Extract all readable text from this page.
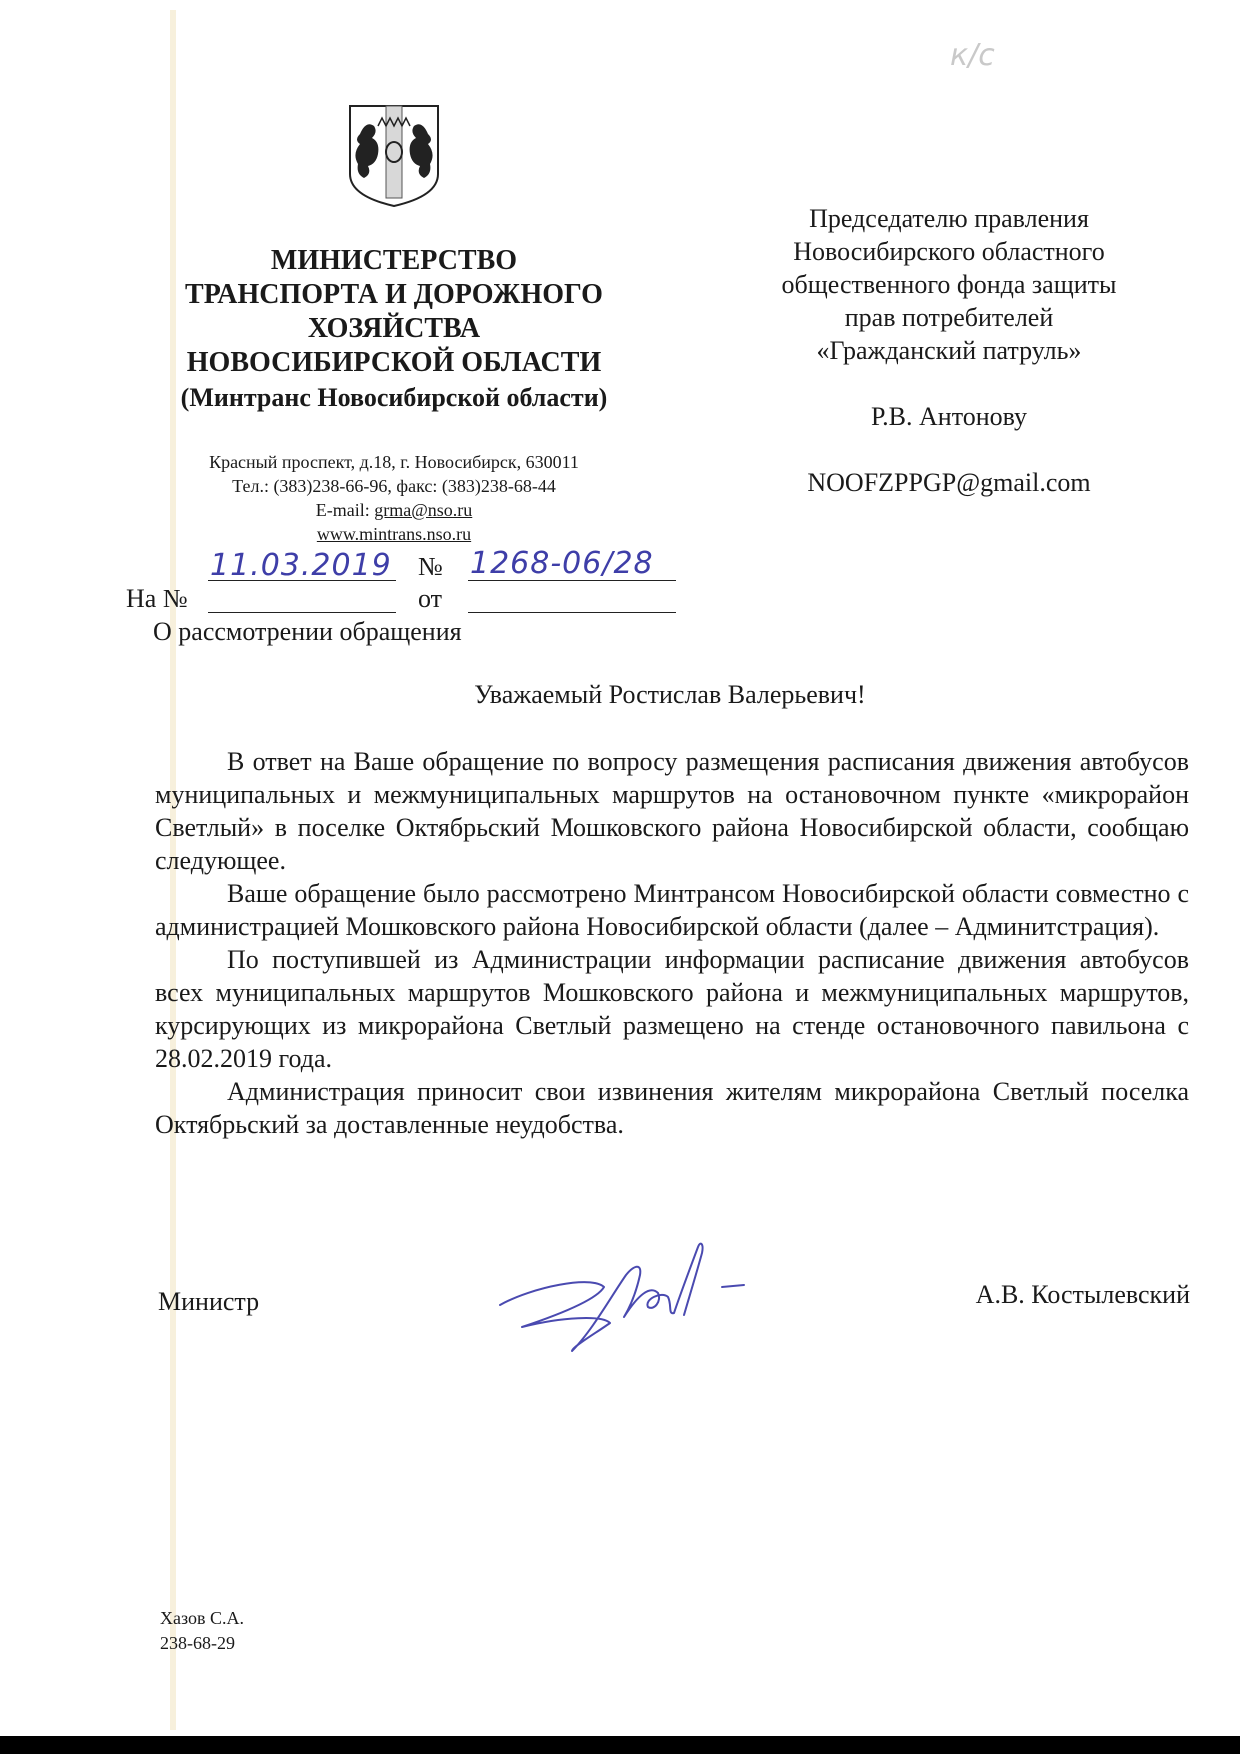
к/с
МИНИСТЕРСТВО
ТРАНСПОРТА И ДОРОЖНОГО
ХОЗЯЙСТВА
НОВОСИБИРСКОЙ ОБЛАСТИ
(Минтранс Новосибирской области)
Красный проспект, д.18, г. Новосибирск, 630011
Тел.: (383)238-66-96, факс: (383)238-68-44
E-mail: grma@nso.ru
www.mintrans.nso.ru
11.03.2019 № 1268-06/28
На №	от
О рассмотрении обращения
Председателю правления
Новосибирского областного
общественного фонда защиты
прав потребителей
«Гражданский патруль»
Р.В. Антонову
NOOFZPPGP@gmail.com
Уважаемый Ростислав Валерьевич!

В ответ на Ваше обращение по вопросу размещения расписания движения автобусов муниципальных и межмуниципальных маршрутов на остановочном пункте «микрорайон Светлый» в поселке Октябрьский Мошковского района Новосибирской области, сообщаю следующее.

Ваше обращение было рассмотрено Минтрансом Новосибирской области совместно с администрацией Мошковского района Новосибирской области (далее – Админитстрация).

По поступившей из Администрации информации расписание движения автобусов всех муниципальных маршрутов Мошковского района и межмуниципальных маршрутов, курсирующих из микрорайона Светлый размещено на стенде остановочного павильона с 28.02.2019 года.

Администрация приносит свои извинения жителям микрорайона Светлый поселка Октябрьский за доставленные неудобства.

Министр	А.В. Костылевский
Хазов С.А.
238-68-29
